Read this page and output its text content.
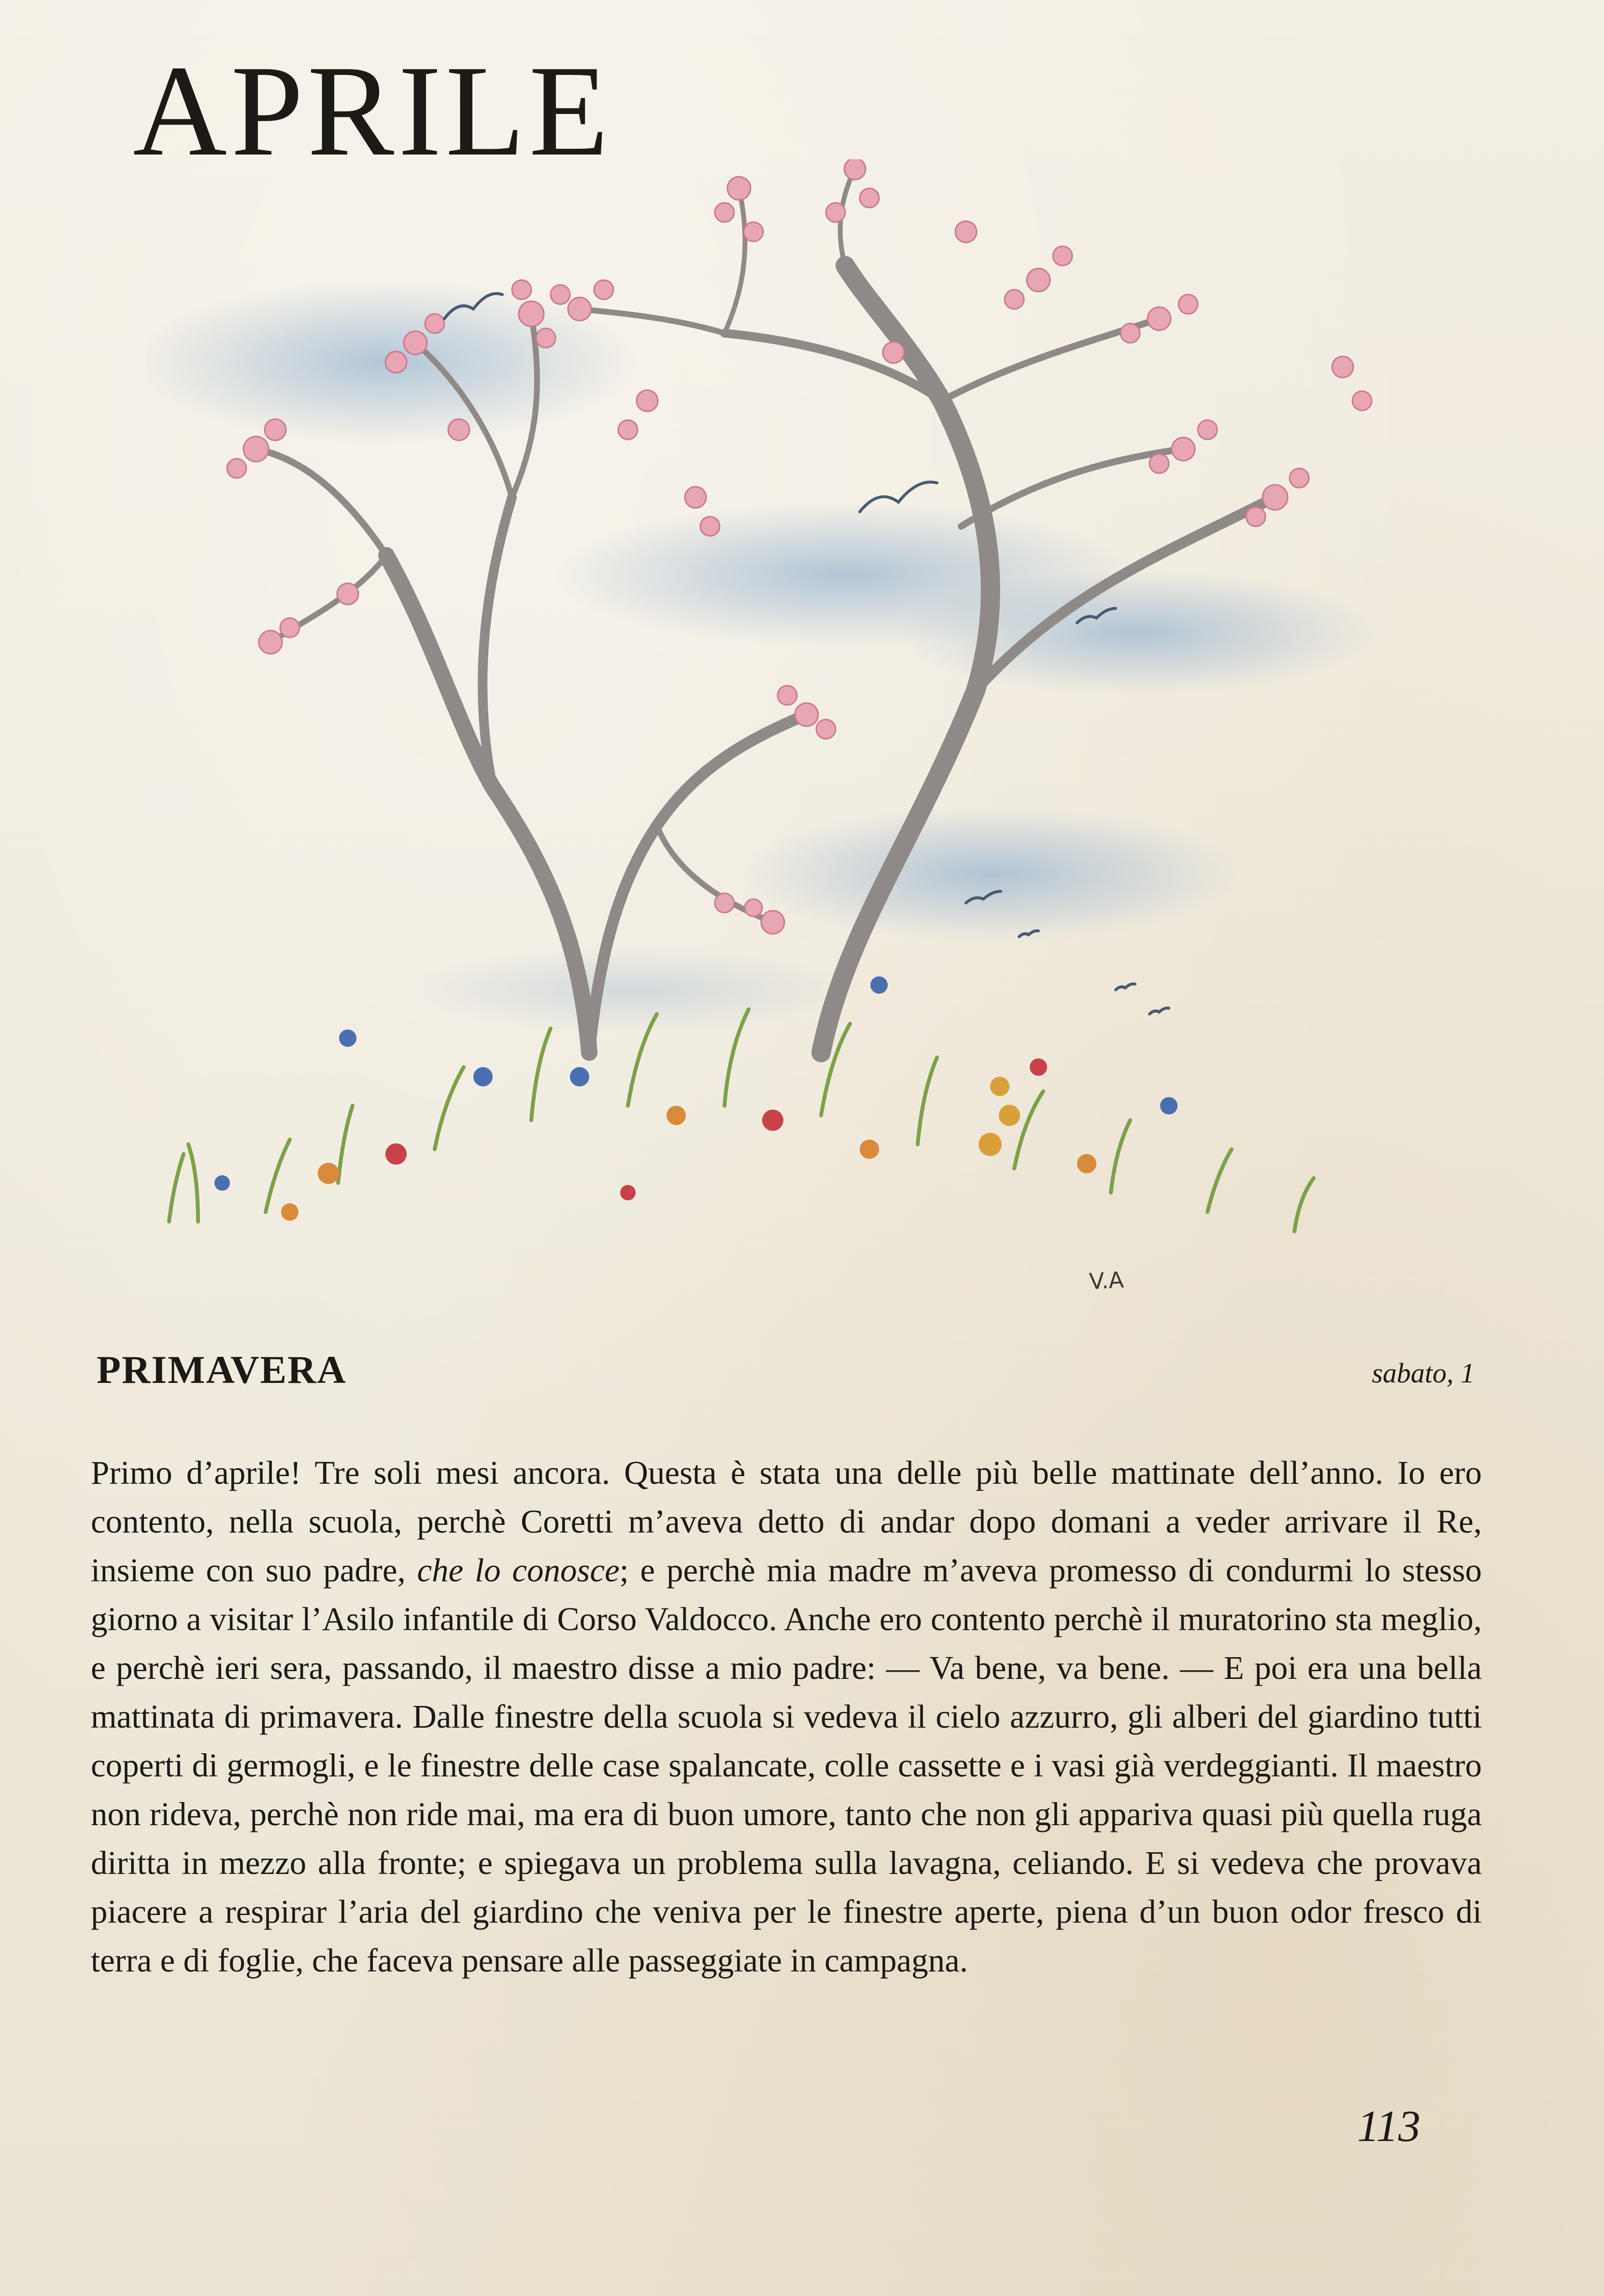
APRILE
V.A
PRIMAVERA	sabato, 1

Primo d’aprile! Tre soli mesi ancora. Questa è stata una delle più belle mattinate dell’anno. Io ero contento, nella scuola, perchè Coretti m’aveva detto di andar dopo domani a veder arrivare il Re, insieme con suo padre, che lo conosce; e perchè mia madre m’aveva promesso di condurmi lo stesso giorno a visitar l’Asilo infantile di Corso Valdocco. Anche ero contento perchè il muratorino sta meglio, e perchè ieri sera, passando, il maestro disse a mio padre: — Va bene, va bene. — E poi era una bella mattinata di primavera. Dalle finestre della scuola si vedeva il cielo azzurro, gli alberi del giardino tutti coperti di germogli, e le finestre delle case spalancate, colle cassette e i vasi già verdeggianti. Il maestro non rideva, perchè non ride mai, ma era di buon umore, tanto che non gli appariva quasi più quella ruga diritta in mezzo alla fronte; e spiegava un problema sulla lavagna, celiando. E si vedeva che provava piacere a respirar l’aria del giardino che veniva per le finestre aperte, piena d’un buon odor fresco di terra e di foglie, che faceva pensare alle passeggiate in campagna.

113
